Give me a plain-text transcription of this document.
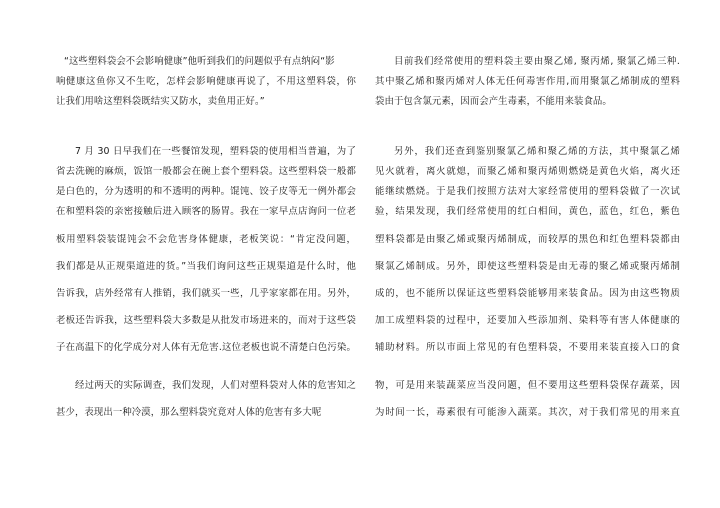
“这些塑料袋会不会影响健康”他听到我们的问题似乎有点纳闷“影
响健康这鱼你又不生吃，怎样会影响健康再说了，不用这塑料袋，你
让我们用啥这塑料袋既结实又防水，卖鱼用正好。”
7 月 30 日早我们在一些餐馆发现，塑料袋的使用相当普遍，为了
省去洗碗的麻烦，饭馆一般都会在碗上套个塑料袋。这些塑料袋一般都
是白色的，分为透明的和不透明的两种。馄饨、饺子皮等无一例外都会
在和塑料袋的亲密接触后进入顾客的肠胃。我在一家早点店询问一位老
板用塑料袋装馄饨会不会危害身体健康，老板笑说：“肯定没问题，
我们都是从正规渠道进的货。”当我们询问这些正规渠道是什么时，他
告诉我，店外经常有人推销，我们就买一些，几乎家家都在用。另外，
老板还告诉我，这些塑料袋大多数是从批发市场进来的，而对于这些袋
子在高温下的化学成分对人体有无危害.这位老板也说不清楚白色污染。
经过两天的实际调查，我们发现，人们对塑料袋对人体的危害知之
甚少，表现出一种冷漠，那么塑料袋究竟对人体的危害有多大呢
目前我们经常使用的塑料袋主要由聚乙烯, 聚丙烯, 聚氯乙烯三种.
其中聚乙烯和聚丙烯对人体无任何毒害作用,而用聚氯乙烯制成的塑料
袋由于包含氯元素，因而会产生毒素，不能用来装食品。
另外，我们还查到鉴别聚氯乙烯和聚乙烯的方法，其中聚氯乙烯
见火就着，离火就熄，而聚乙烯和聚丙烯则燃烧是黄色火焰，离火还
能继续燃烧。于是我们按照方法对大家经常使用的塑料袋做了一次试
验，结果发现，我们经常使用的红白相间，黄色，蓝色，红色，紫色
塑料袋都是由聚乙烯或聚丙烯制成，而较厚的黑色和红色塑料袋都由
聚氯乙烯制成。另外，即使这些塑料袋是由无毒的聚乙烯或聚丙烯制
成的，也不能所以保证这些塑料袋能够用来装食品。因为由这些物质
加工成塑料袋的过程中，还要加入些添加剂、染料等有害人体健康的
辅助材料。所以市面上常见的有色塑料袋，不要用来装直接入口的食
物，可是用来装蔬菜应当没问题，但不要用这些塑料袋保存蔬菜，因
为时间一长，毒素很有可能渗入蔬菜。其次，对于我们常见的用来直
